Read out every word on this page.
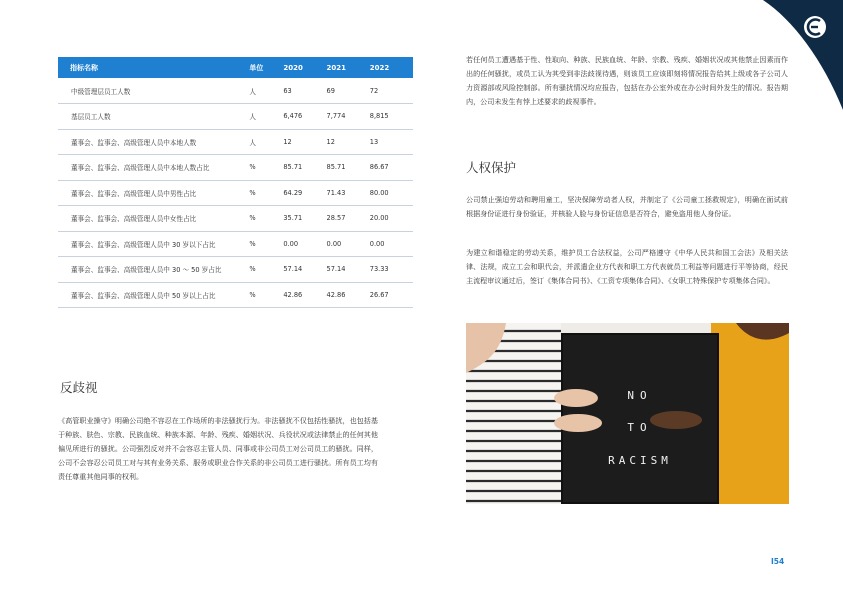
指标名称	单位	2020	2021	2022
中级管理层员工人数	人	63	69	72
基层员工人数	人	6,476	7,774	8,815
董事会、监事会、高级管理人员中本地人数	人	12	12	13
董事会、监事会、高级管理人员中本地人数占比	%	85.71	85.71	86.67
董事会、监事会、高级管理人员中男性占比	%	64.29	71.43	80.00
董事会、监事会、高级管理人员中女性占比	%	35.71	28.57	20.00
董事会、监事会、高级管理人员中 30 岁以下占比	%	0.00	0.00	0.00
董事会、监事会、高级管理人员中 30 ～ 50 岁占比	%	57.14	57.14	73.33
董事会、监事会、高级管理人员中 50 岁以上占比	%	42.86	42.86	26.67
反歧视

《高管职业操守》明确公司绝不容忍在工作场所的非法骚扰行为。非法骚扰不仅包括性骚扰，也包括基于种族、肤色、宗教、民族血统、种族本源、年龄、残疾、婚姻状况、兵役状况或法律禁止的任何其他偏见所进行的骚扰。公司强烈反对并不会容忍主管人员、同事或非公司员工对公司员工的骚扰。同样，公司不会容忍公司员工对与其有业务关系、服务或职业合作关系的非公司员工进行骚扰。所有员工均有责任尊重其他同事的权利。

若任何员工遭遇基于性、性取向、种族、民族血统、年龄、宗教、残疾、婚姻状况或其他禁止因素而作出的任何骚扰，或员工认为其受到非法歧视待遇，则该员工应该即刻将情况报告给其上级或各子公司人力资源部或风险控制部。所有骚扰情况均应报告，包括在办公室外或在办公时间外发生的情况。报告期内，公司未发生有悖上述要求的歧视事件。

人权保护

公司禁止强迫劳动和聘用童工，坚决保障劳动者人权，并制定了《公司童工拯救规定》，明确在面试前根据身份证进行身份验证，并核验人脸与身份证信息是否符合，避免盗用他人身份证。

为建立和谐稳定的劳动关系，维护员工合法权益，公司严格遵守《中华人民共和国工会法》及相关法律、法规，成立工会和职代会，并派遣企业方代表和职工方代表就员工利益等问题进行平等协商，经民主流程审议通过后，签订《集体合同书》、《工资专项集体合同》、《女职工特殊保护专项集体合同》。

NO
TO
RACISM
I54
